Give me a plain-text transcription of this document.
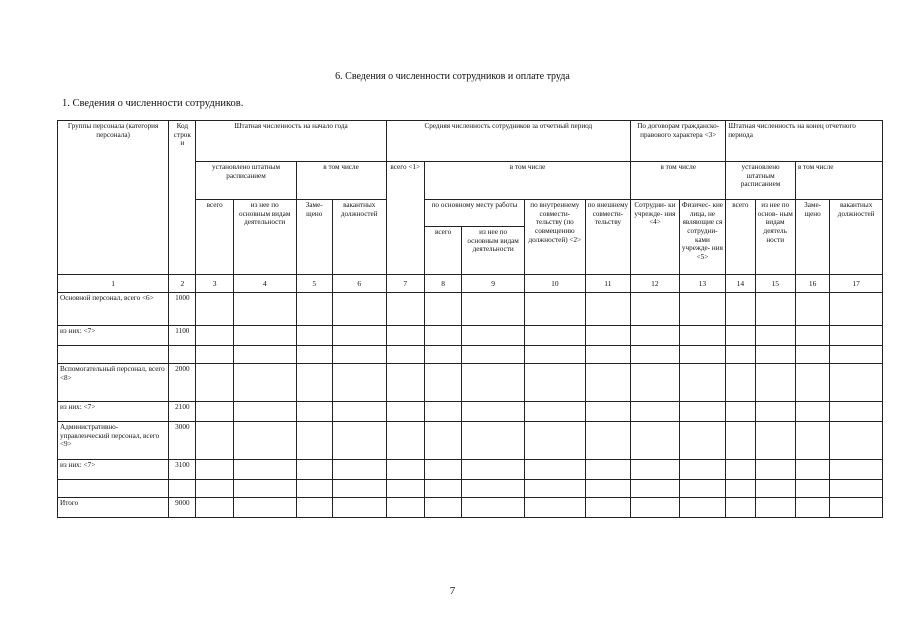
6. Сведения о численности сотрудников и оплате труда
1. Сведения о численности сотрудников.
Группы персонала (категория персонала)	Код строк и	Штатная численность на начало года				Средняя численность сотрудников за отчетный период					По договорам гражданско-правового характера <3>		Штатная численность на конец отчетного периода			
		установлено штатным расписанием		в том числе		всего <1>	в том числе				в том числе		установлено штатным расписанием		в том числе	
		всего	из нее по основным видам деятельности	Заме- щено	вакантных должностей		по основному месту работы		по внутреннему совмести- тельству (по совмещению должностей) <2>	по внешнему совмести- тельству	Сотрудни- ки учрежде- ния <4>	Физичес- кие лица, не являющие ся сотрудни- ками учрежде- ния <5>	всего	из нее по основ- ным видам деятель ности	Заме- щено	вакантных должностей
							всего	из нее по основным видам деятельности								
1	2	3	4	5	6	7	8	9	10	11	12	13	14	15	16	17
Основной персонал, всего <6>	1000															
из них: <7>	1100															

Вспомогательный персонал, всего <8>	2000															
из них: <7>	2100															
Административно-управленческий персонал, всего <9>	3000															
из них: <7>	3100															

Итого	9000															
7
